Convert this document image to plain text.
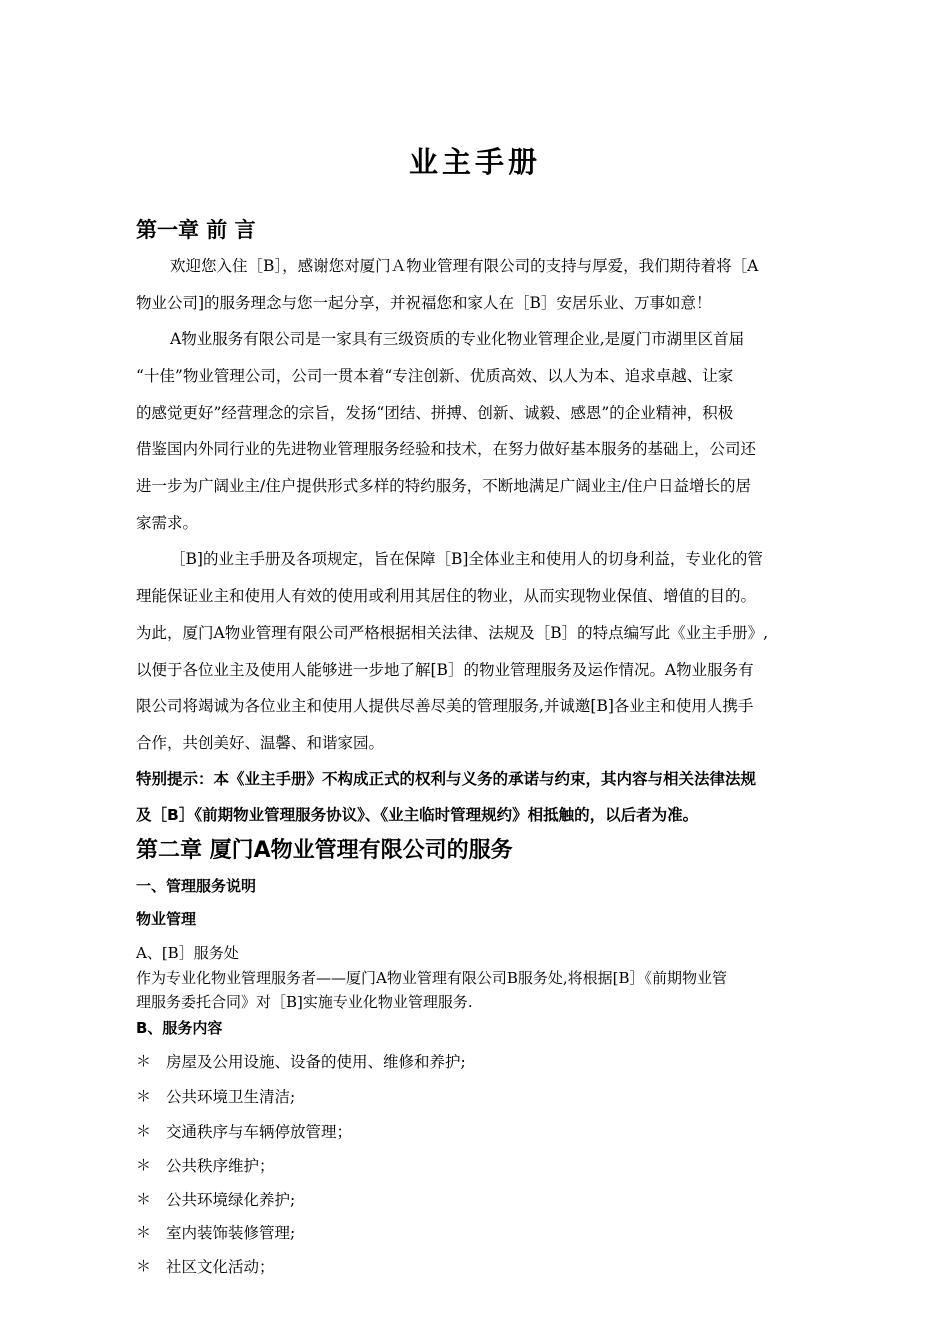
业主手册
第一章 前 言
欢迎您入住［B］，感谢您对厦门Ａ物业管理有限公司的支持与厚爱，我们期待着将［A
物业公司]的服务理念与您一起分享，并祝福您和家人在［B］安居乐业、万事如意！
A物业服务有限公司是一家具有三级资质的专业化物业管理企业,是厦门市湖里区首届
“十佳”物业管理公司，公司一贯本着“专注创新、优质高效、以人为本、追求卓越、让家
的感觉更好”经营理念的宗旨，发扬“团结、拼搏、创新、诚毅、感恩”的企业精神，积极
借鉴国内外同行业的先进物业管理服务经验和技术，在努力做好基本服务的基础上，公司还
进一步为广阔业主/住户提供形式多样的特约服务，不断地满足广阔业主/住户日益增长的居
家需求。
［B]的业主手册及各项规定，旨在保障［B]全体业主和使用人的切身利益，专业化的管
理能保证业主和使用人有效的使用或利用其居住的物业，从而实现物业保值、增值的目的。
为此，厦门A物业管理有限公司严格根据相关法律、法规及［B］的特点编写此《业主手册》,
以便于各位业主及使用人能够进一步地了解[B］的物业管理服务及运作情况。A物业服务有
限公司将竭诚为各位业主和使用人提供尽善尽美的管理服务,并诚邀[B]各业主和使用人携手
合作，共创美好、温馨、和谐家园。
特别提示：本《业主手册》不构成正式的权利与义务的承诺与约束，其内容与相关法律法规
及［B］《前期物业管理服务协议》、《业主临时管理规约》相抵触的，以后者为准。
第二章 厦门A物业管理有限公司的服务
一、管理服务说明
物业管理
A、[B］服务处
作为专业化物业管理服务者——厦门A物业管理有限公司B服务处,将根据[B］《前期物业管
理服务委托合同》对［B]实施专业化物业管理服务.
B、服务内容
＊ 房屋及公用设施、设备的使用、维修和养护;
＊ 公共环境卫生清洁;
＊ 交通秩序与车辆停放管理；
＊ 公共秩序维护；
＊ 公共环境绿化养护;
＊ 室内装饰装修管理;
＊ 社区文化活动；
